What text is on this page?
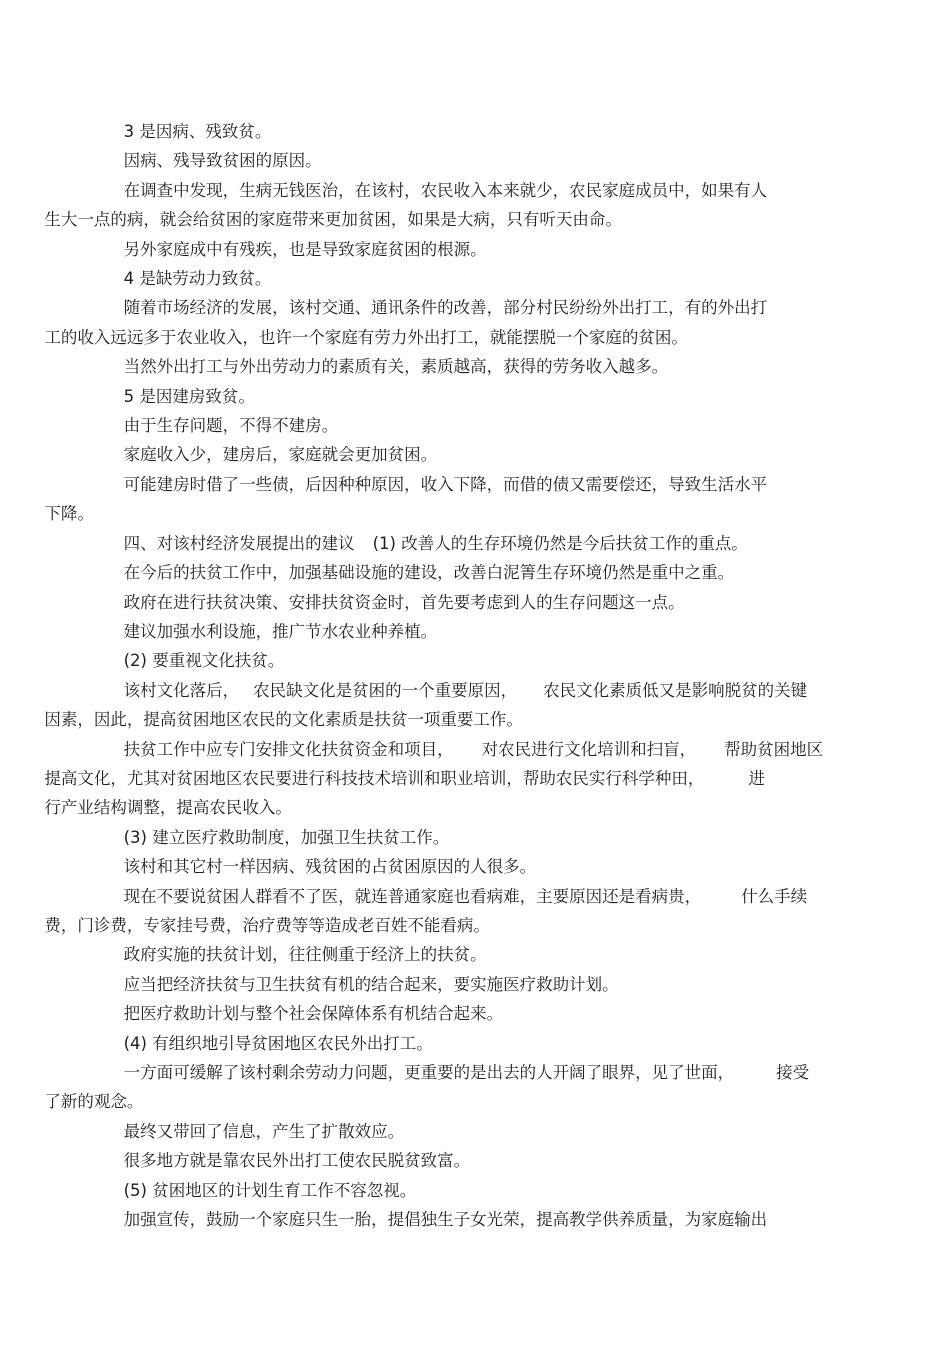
3 是因病、残致贫。

因病、残导致贫困的原因。

在调查中发现，生病无钱医治，在该村，农民收入本来就少，农民家庭成员中，如果有人
生大一点的病，就会给贫困的家庭带来更加贫困，如果是大病，只有听天由命。

另外家庭成中有残疾，也是导致家庭贫困的根源。

4 是缺劳动力致贫。

随着市场经济的发展，该村交通、通讯条件的改善，部分村民纷纷外出打工，有的外出打
工的收入远远多于农业收入，也许一个家庭有劳力外出打工，就能摆脱一个家庭的贫困。

当然外出打工与外出劳动力的素质有关，素质越高，获得的劳务收入越多。

5 是因建房致贫。

由于生存问题，不得不建房。

家庭收入少，建房后，家庭就会更加贫困。

可能建房时借了一些债，后因种种原因，收入下降，而借的债又需要偿还，导致生活水平
下降。

四、对该村经济发展提出的建议 (1) 改善人的生存环境仍然是今后扶贫工作的重点。

在今后的扶贫工作中，加强基础设施的建设，改善白泥箐生存环境仍然是重中之重。

政府在进行扶贫决策、安排扶贫资金时，首先要考虑到人的生存问题这一点。

建议加强水利设施，推广节水农业种养植。

(2) 要重视文化扶贫。

该村文化落后， 农民缺文化是贫困的一个重要原因， 农民文化素质低又是影响脱贫的关键
因素，因此，提高贫困地区农民的文化素质是扶贫一项重要工作。

扶贫工作中应专门安排文化扶贫资金和项目， 对农民进行文化培训和扫盲， 帮助贫困地区
提高文化，尤其对贫困地区农民要进行科技技术培训和职业培训，帮助农民实行科学种田，	进
行产业结构调整，提高农民收入。

(3) 建立医疗救助制度，加强卫生扶贫工作。

该村和其它村一样因病、残贫困的占贫困原因的人很多。

现在不要说贫困人群看不了医，就连普通家庭也看病难，主要原因还是看病贵， 什么手续
费，门诊费，专家挂号费，治疗费等等造成老百姓不能看病。

政府实施的扶贫计划，往往侧重于经济上的扶贫。

应当把经济扶贫与卫生扶贫有机的结合起来，要实施医疗救助计划。

把医疗救助计划与整个社会保障体系有机结合起来。

(4) 有组织地引导贫困地区农民外出打工。

一方面可缓解了该村剩余劳动力问题，更重要的是出去的人开阔了眼界，见了世面，	接受
了新的观念。

最终又带回了信息，产生了扩散效应。

很多地方就是靠农民外出打工使农民脱贫致富。

(5) 贫困地区的计划生育工作不容忽视。

加强宣传，鼓励一个家庭只生一胎，提倡独生子女光荣，提高教学供养质量，为家庭输出
